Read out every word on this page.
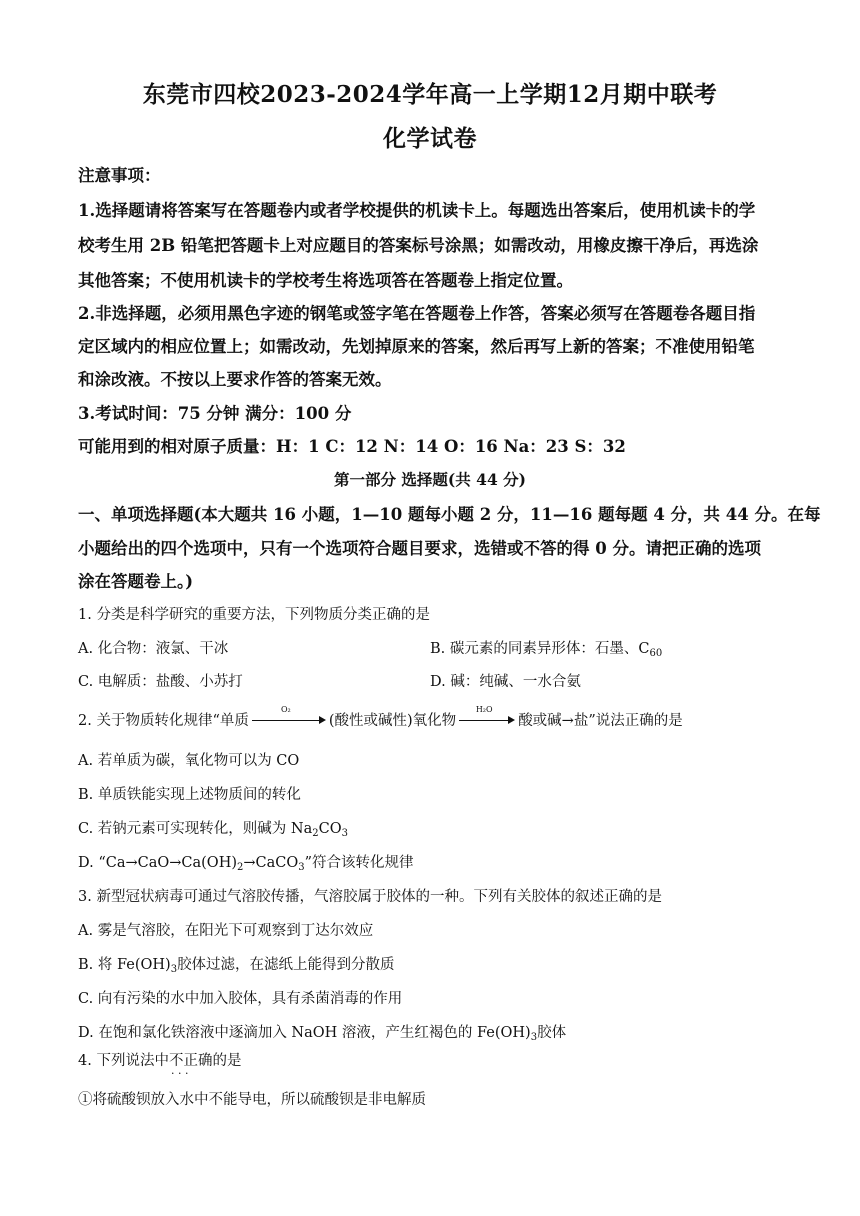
东莞市四校2023-2024学年高一上学期12月期中联考
化学试卷
注意事项：
1.选择题请将答案写在答题卷内或者学校提供的机读卡上。每题选出答案后，使用机读卡的学
校考生用 2B 铅笔把答题卡上对应题目的答案标号涂黑；如需改动，用橡皮擦干净后，再选涂
其他答案；不使用机读卡的学校考生将选项答在答题卷上指定位置。
2.非选择题，必须用黑色字迹的钢笔或签字笔在答题卷上作答，答案必须写在答题卷各题目指
定区域内的相应位置上；如需改动，先划掉原来的答案，然后再写上新的答案；不准使用铅笔
和涂改液。不按以上要求作答的答案无效。
3.考试时间：75 分钟 满分：100 分
可能用到的相对原子质量：H：1 C：12 N：14 O：16 Na：23 S：32
第一部分 选择题(共 44 分)
一、单项选择题(本大题共 16 小题，1—10 题每小题 2 分，11—16 题每题 4 分，共 44 分。在每
小题给出的四个选项中，只有一个选项符合题目要求，选错或不答的得 0 分。请把正确的选项
涂在答题卷上。)
1. 分类是科学研究的重要方法，下列物质分类正确的是
A. 化合物：液氯、干冰	B. 碳元素的同素异形体：石墨、$C_{60}$
C. 电解质：盐酸、小苏打	D. 碱：纯碱、一水合氨
2. 关于物质转化规律“单质
O₂
(酸性或碱性)氧化物
H₂O
酸或碱→盐”说法正确的是
A. 若单质为碳，氧化物可以为 CO
B. 单质铁能实现上述物质间的转化
C. 若钠元素可实现转化，则碱为 $Na_2CO_3$
D. “$Ca\to CaO\to Ca(OH)_2\to CaCO_3$”符合该转化规律
3. 新型冠状病毒可通过气溶胶传播，气溶胶属于胶体的一种。下列有关胶体的叙述正确的是
A. 雾是气溶胶，在阳光下可观察到丁达尔效应
B. 将 $Fe(OH)_3$胶体过滤，在滤纸上能得到分散质
C. 向有污染的水中加入胶体，具有杀菌消毒的作用
D. 在饱和氯化铁溶液中逐滴加入 NaOH 溶液，产生红褐色的 $Fe(OH)_3$胶体
4. 下列说法中不正确 · · ·的是
①将硫酸钡放入水中不能导电，所以硫酸钡是非电解质
